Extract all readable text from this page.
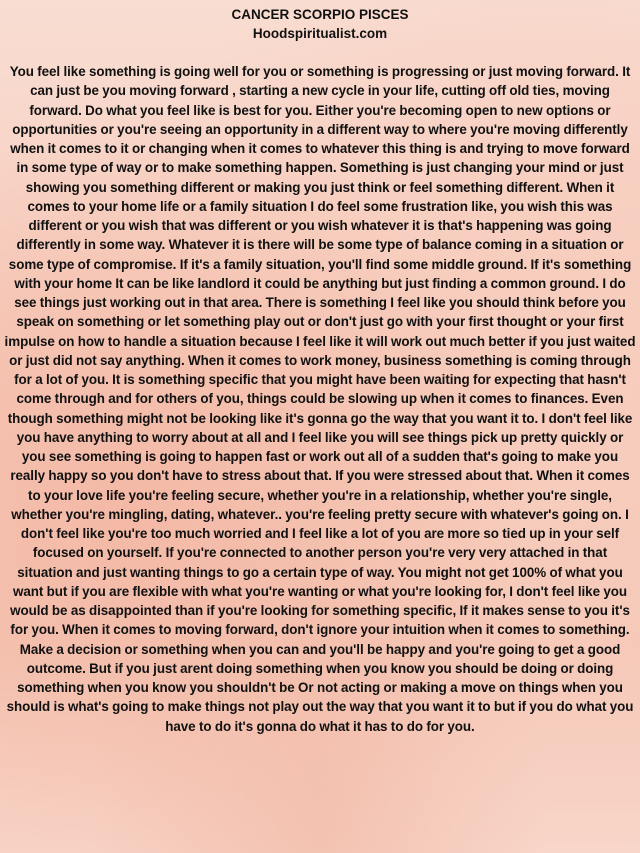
CANCER SCORPIO PISCES
Hoodspiritualist.com
You feel like something is going well for you or something is progressing or just moving forward. It can just be you moving forward , starting a new cycle in your life, cutting off old ties, moving forward. Do what you feel like is best for you. Either you're becoming open to new options or opportunities or you're seeing an opportunity in a different way to where you're moving differently when it comes to it or changing when it comes to whatever this thing is and trying to move forward in some type of way or to make something happen. Something is just changing your mind or just showing you something different or making you just think or feel something different. When it comes to your home life or a family situation I do feel some frustration like, you wish this was different or you wish that was different or you wish whatever it is that's happening was going differently in some way. Whatever it is there will be some type of balance coming in a situation or some type of compromise. If it's a family situation, you'll find some middle ground. If it's something with your home It can be like landlord it could be anything but just finding a common ground. I do see things just working out in that area. There is something I feel like you should think before you speak on something or let something play out or don't just go with your first thought or your first impulse on how to handle a situation because I feel like it will work out much better if you just waited or just did not say anything. When it comes to work money, business something is coming through for a lot of you. It is something specific that you might have been waiting for expecting that hasn't come through and for others of you, things could be slowing up when it comes to finances. Even though something might not be looking like it's gonna go the way that you want it to. I don't feel like you have anything to worry about at all and I feel like you will see things pick up pretty quickly or you see something is going to happen fast or work out all of a sudden that's going to make you really happy so you don't have to stress about that. If you were stressed about that. When it comes to your love life you're feeling secure, whether you're in a relationship, whether you're single, whether you're mingling, dating, whatever.. you're feeling pretty secure with whatever's going on. I don't feel like you're too much worried and I feel like a lot of you are more so tied up in your self focused on yourself. If you're connected to another person you're very very attached in that situation and just wanting things to go a certain type of way. You might not get 100% of what you want but if you are flexible with what you're wanting or what you're looking for, I don't feel like you would be as disappointed than if you're looking for something specific, If it makes sense to you it's for you. When it comes to moving forward, don't ignore your intuition when it comes to something. Make a decision or something when you can and you'll be happy and you're going to get a good outcome. But if you just arent doing something when you know you should be doing or doing something when you know you shouldn't be Or not acting or making a move on things when you should is what's going to make things not play out the way that you want it to but if you do what you have to do it's gonna do what it has to do for you.
